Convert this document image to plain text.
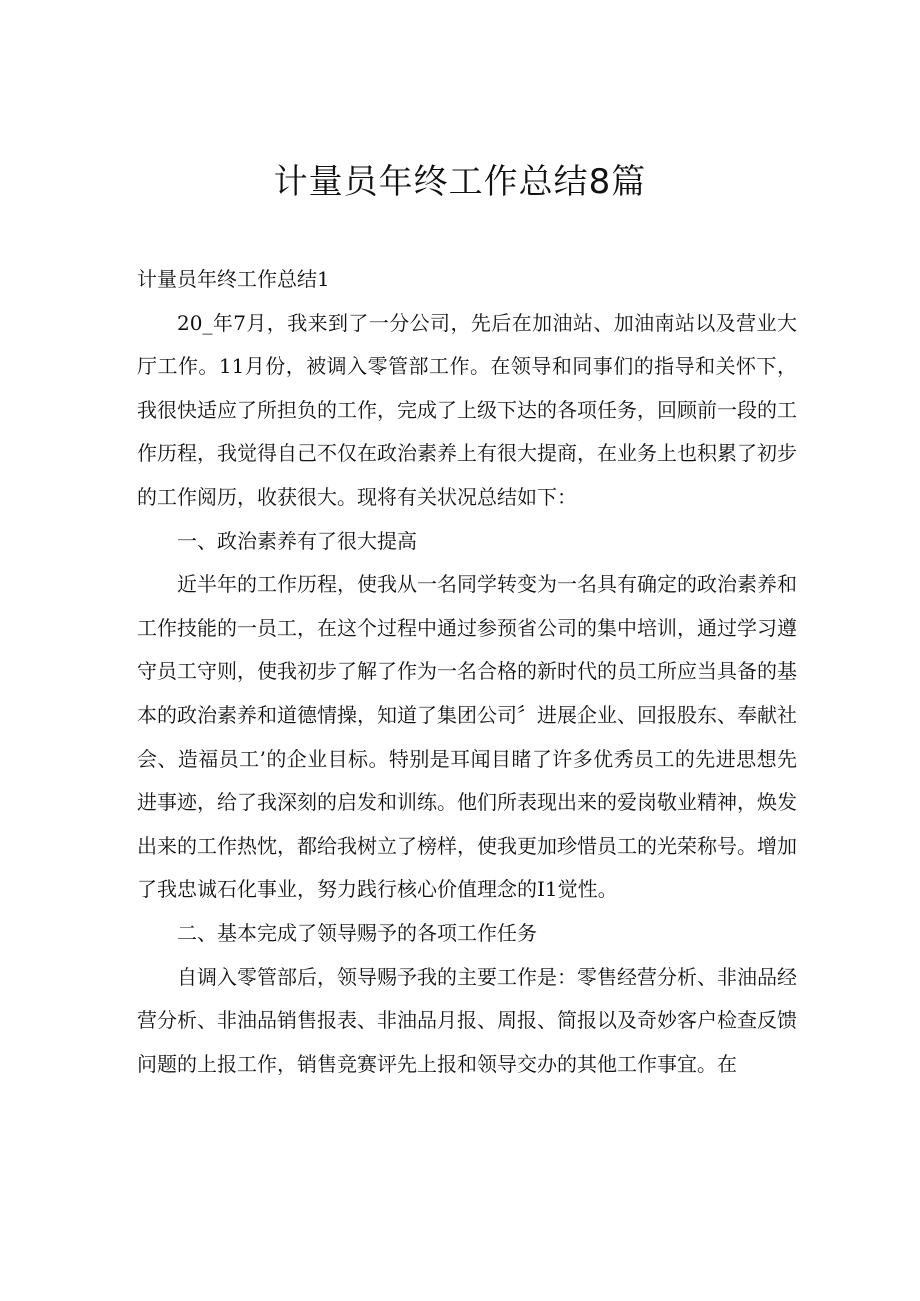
计量员年终工作总结8篇

计量员年终工作总结1

20_年7月，我来到了一分公司，先后在加油站、加油南站以及营业大厅工作。11月份，被调入零管部工作。在领导和同事们的指导和关怀下，我很快适应了所担负的工作，完成了上级下达的各项任务，回顾前一段的工作历程，我觉得自己不仅在政治素养上有很大提商，在业务上也积累了初步的工作阅历，收获很大。现将有关状况总结如下：

一、政治素养有了很大提高

近半年的工作历程，使我从一名同学转变为一名具有确定的政治素养和工作技能的一员工，在这个过程中通过参预省公司的集中培训，通过学习遵守员工守则，使我初步了解了作为一名合格的新时代的员工所应当具备的基本的政治素养和道德情操，知道了集团公司〞进展企业、回报股东、奉献社会、造福员工’的企业目标。特别是耳闻目睹了许多优秀员工的先进思想先进事迹，给了我深刻的启发和训练。他们所表现出来的爱岗敬业精神，焕发出来的工作热忱，都给我树立了榜样，使我更加珍惜员工的光荣称号。增加了我忠诚石化事业，努力践行核心价值理念的I1觉性。

二、基本完成了领导赐予的各项工作任务

自调入零管部后，领导赐予我的主要工作是：零售经营分析、非油品经营分析、非油品销售报表、非油品月报、周报、简报以及奇妙客户检查反馈问题的上报工作，销售竞赛评先上报和领导交办的其他工作事宜。在
